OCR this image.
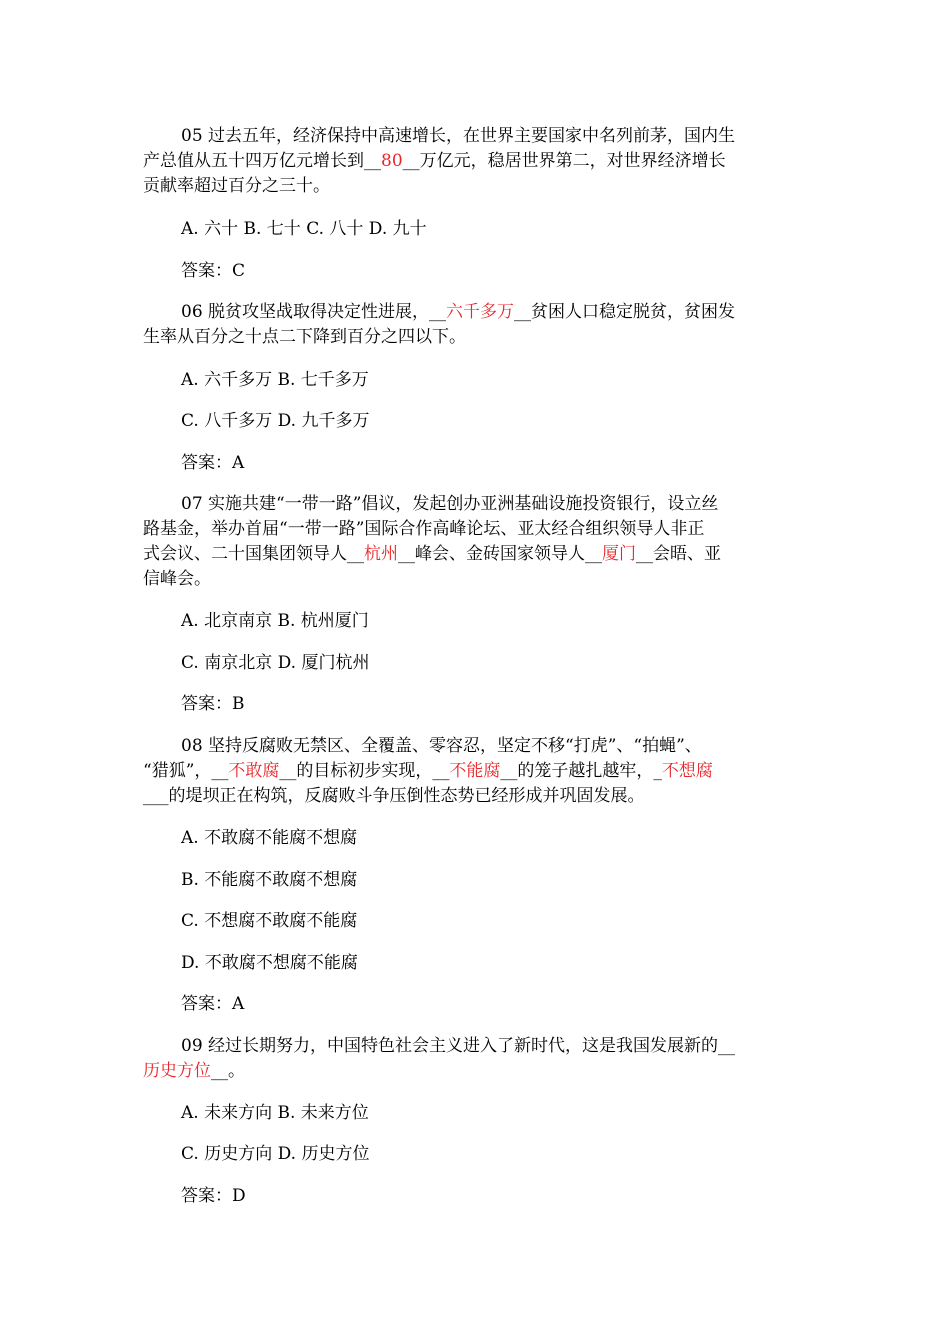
05 过去五年，经济保持中高速增长，在世界主要国家中名列前茅，国内生
产总值从五十四万亿元增长到__80__万亿元，稳居世界第二，对世界经济增长
贡献率超过百分之三十。

A. 六十 B. 七十 C. 八十 D. 九十

答案：C

06 脱贫攻坚战取得决定性进展，__六千多万__贫困人口稳定脱贫，贫困发
生率从百分之十点二下降到百分之四以下。

A. 六千多万 B. 七千多万

C. 八千多万 D. 九千多万

答案：A

07 实施共建“一带一路”倡议，发起创办亚洲基础设施投资银行，设立丝
路基金，举办首届“一带一路”国际合作高峰论坛、亚太经合组织领导人非正
式会议、二十国集团领导人__杭州__峰会、金砖国家领导人__厦门__会晤、亚
信峰会。

A. 北京南京 B. 杭州厦门

C. 南京北京 D. 厦门杭州

答案：B

08 坚持反腐败无禁区、全覆盖、零容忍，坚定不移“打虎”、“拍蝇”、
“猎狐”，__不敢腐__的目标初步实现，__不能腐__的笼子越扎越牢，_不想腐
___的堤坝正在构筑，反腐败斗争压倒性态势已经形成并巩固发展。

A. 不敢腐不能腐不想腐

B. 不能腐不敢腐不想腐

C. 不想腐不敢腐不能腐

D. 不敢腐不想腐不能腐

答案：A

09 经过长期努力，中国特色社会主义进入了新时代，这是我国发展新的__
历史方位__。

A. 未来方向 B. 未来方位

C. 历史方向 D. 历史方位

答案：D
